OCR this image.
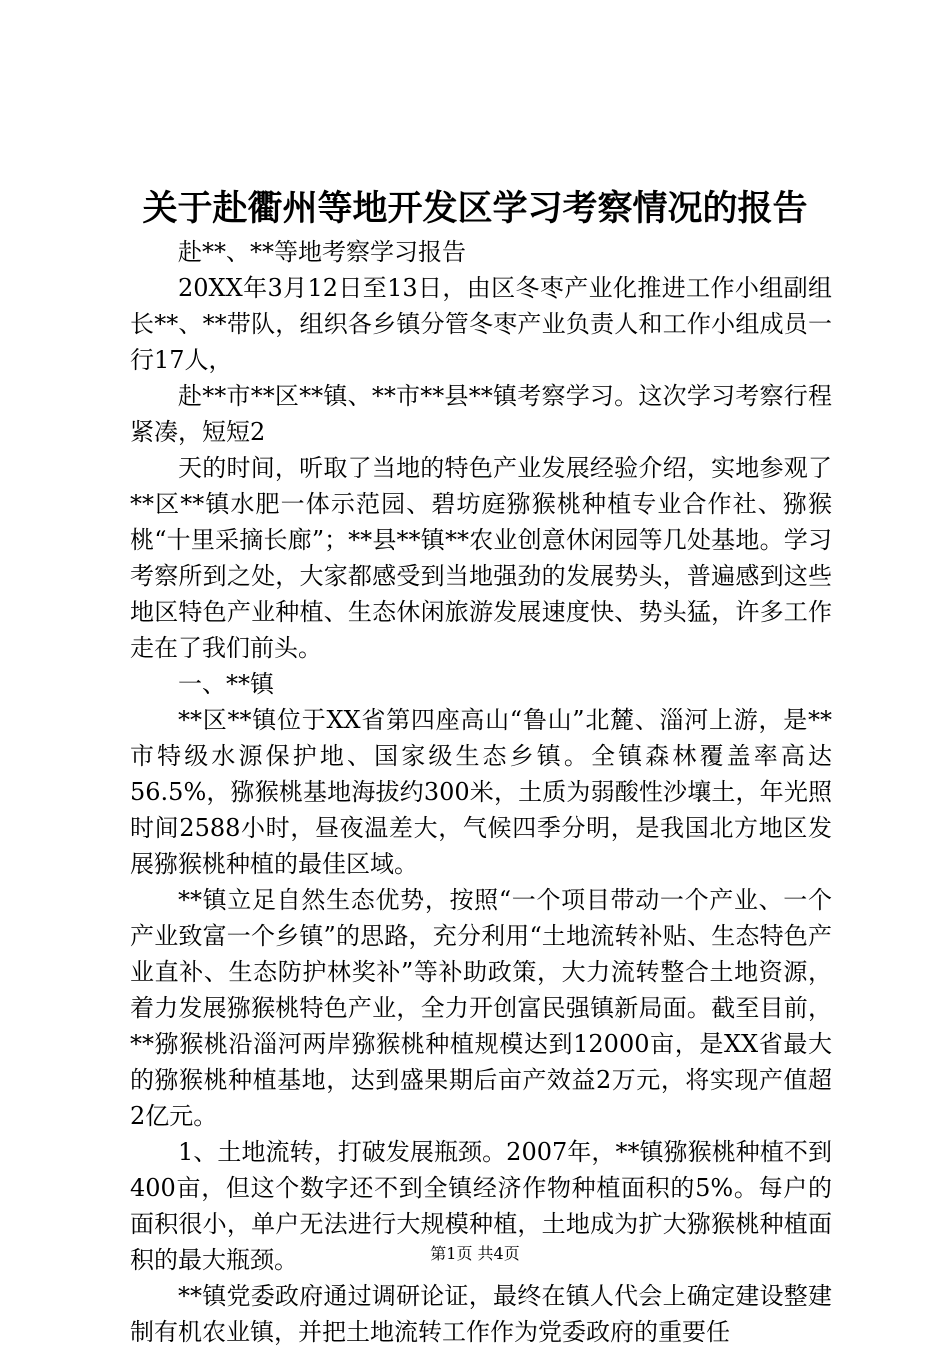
关于赴衢州等地开发区学习考察情况的报告

赴**、**等地考察学习报告

20XX年3月12日至13日，由区冬枣产业化推进工作小组副组长**、**带队，组织各乡镇分管冬枣产业负责人和工作小组成员一行17人，

赴**市**区**镇、**市**县**镇考察学习。这次学习考察行程紧凑，短短2

天的时间，听取了当地的特色产业发展经验介绍，实地参观了**区**镇水肥一体示范园、碧坊庭猕猴桃种植专业合作社、猕猴桃“十里采摘长廊”；**县**镇**农业创意休闲园等几处基地。学习考察所到之处，大家都感受到当地强劲的发展势头，普遍感到这些地区特色产业种植、生态休闲旅游发展速度快、势头猛，许多工作走在了我们前头。

一、**镇

**区**镇位于XX省第四座高山“鲁山”北麓、淄河上游，是**市特级水源保护地、国家级生态乡镇。全镇森林覆盖率高达56.5%，猕猴桃基地海拔约300米，土质为弱酸性沙壤土，年光照时间2588小时，昼夜温差大，气候四季分明，是我国北方地区发展猕猴桃种植的最佳区域。

**镇立足自然生态优势，按照“一个项目带动一个产业、一个产业致富一个乡镇”的思路，充分利用“土地流转补贴、生态特色产业直补、生态防护林奖补”等补助政策，大力流转整合土地资源，着力发展猕猴桃特色产业，全力开创富民强镇新局面。截至目前，**猕猴桃沿淄河两岸猕猴桃种植规模达到12000亩，是XX省最大的猕猴桃种植基地，达到盛果期后亩产效益2万元，将实现产值超2亿元。

1、土地流转，打破发展瓶颈。2007年，**镇猕猴桃种植不到400亩，但这个数字还不到全镇经济作物种植面积的5%。每户的面积很小，单户无法进行大规模种植，土地成为扩大猕猴桃种植面积的最大瓶颈。

**镇党委政府通过调研论证，最终在镇人代会上确定建设整建制有机农业镇，并把土地流转工作作为党委政府的重要任

第1页 共4页
